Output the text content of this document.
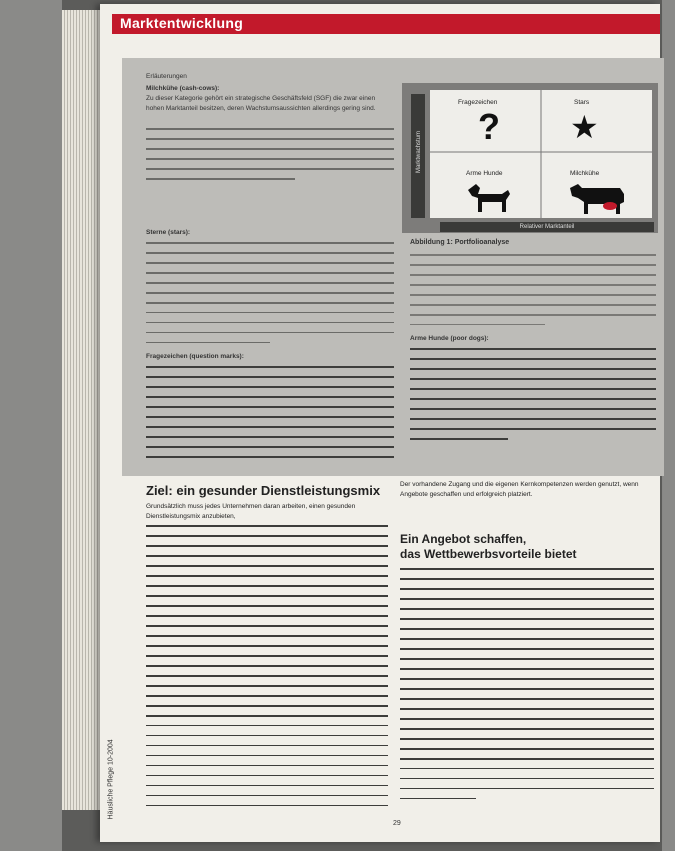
Marktentwicklung

Erläuterungen

Milchkühe (cash-cows):

Zu dieser Kategorie gehört ein strategische Geschäftsfeld (SGF) die zwar einen hohen Marktanteil besitzen, deren Wachstumsaussichten allerdings gering sind.

Sterne (stars):

Fragezeichen (question marks):

Fragezeichen	Stars
Arme Hunde	Milchkühe
? ★
Marktwachstum
Relativer Marktanteil

Abbildung 1: Portfolioanalyse

Arme Hunde (poor dogs):

Ziel: ein gesunder Dienstleistungsmix

Grundsätzlich muss jedes Unternehmen daran arbeiten, einen gesunden Dienstleistungsmix anzubieten,

Der vorhandene Zugang und die eigenen Kernkompetenzen werden genutzt, wenn Angebote geschaffen und erfolgreich platziert.

Ein Angebot schaffen,

das Wettbewerbsvorteile bietet

Häusliche Pflege 10-2004
29
